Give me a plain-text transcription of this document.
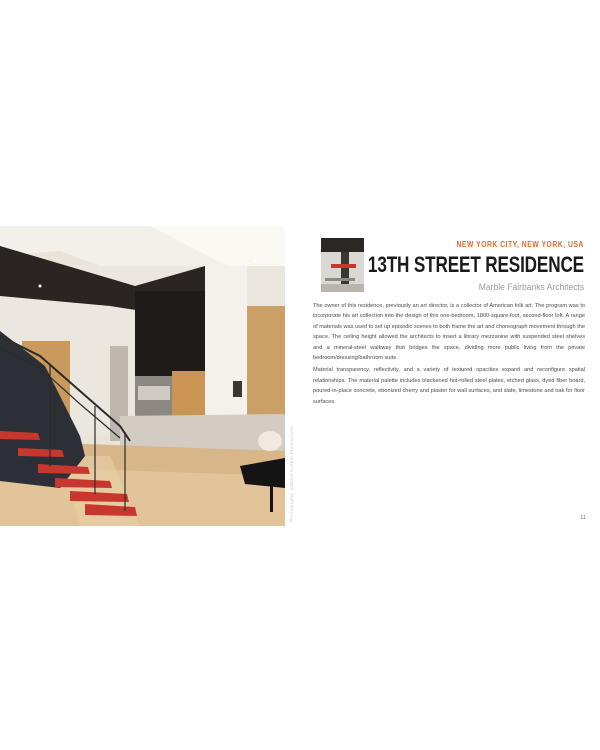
Photography: Eduard Hueber Photography
NEW YORK CITY, NEW YORK, USA
13TH STREET RESIDENCE
Marble Fairbanks Architects

The owner of this residence, previously an art director, is a collector of American folk art. The program was to incorporate his art collection into the design of this one-bedroom, 1800-square-foot, second-floor loft. A range of materials was used to set up episodic scenes to both frame the art and choreograph movement through the space. The ceiling height allowed the architects to insert a library mezzanine with suspended steel shelves and a mineral-steel walkway that bridges the space, dividing more public living from the private bedroom/dressing/bathroom suite.

Material transparency, reflectivity, and a variety of textured opacities expand and reconfigure spatial relationships. The material palette includes blackened hot-rolled steel plates, etched glass, dyed fiber board, poured-in-place concrete, ebonized cherry and plaster for wall surfaces, and slate, limestone and oak for floor surfaces.

11
